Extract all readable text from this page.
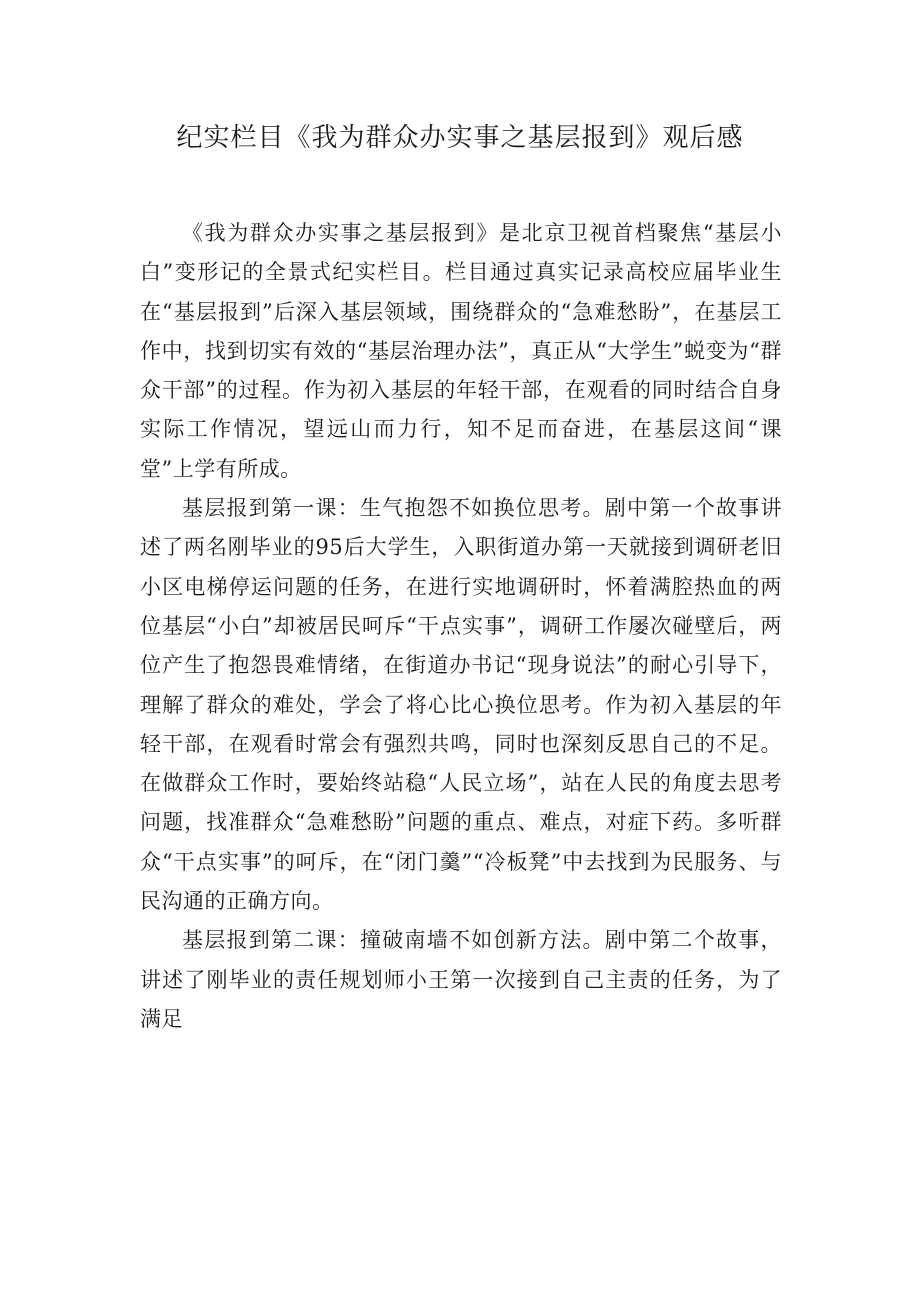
纪实栏目《我为群众办实事之基层报到》观后感

《我为群众办实事之基层报到》是北京卫视首档聚焦“基层小白”变形记的全景式纪实栏目。栏目通过真实记录高校应届毕业生在“基层报到”后深入基层领域，围绕群众的“急难愁盼”，在基层工作中，找到切实有效的“基层治理办法”，真正从“大学生”蜕变为“群众干部”的过程。作为初入基层的年轻干部，在观看的同时结合自身实际工作情况，望远山而力行，知不足而奋进，在基层这间“课堂”上学有所成。

基层报到第一课：生气抱怨不如换位思考。剧中第一个故事讲述了两名刚毕业的95后大学生，入职街道办第一天就接到调研老旧小区电梯停运问题的任务，在进行实地调研时，怀着满腔热血的两位基层“小白”却被居民呵斥“干点实事”，调研工作屡次碰壁后，两位产生了抱怨畏难情绪，在街道办书记“现身说法”的耐心引导下，理解了群众的难处，学会了将心比心换位思考。作为初入基层的年轻干部，在观看时常会有强烈共鸣，同时也深刻反思自己的不足。在做群众工作时，要始终站稳“人民立场”，站在人民的角度去思考问题，找准群众“急难愁盼”问题的重点、难点，对症下药。多听群众“干点实事”的呵斥，在“闭门羹”“冷板凳”中去找到为民服务、与民沟通的正确方向。

基层报到第二课：撞破南墙不如创新方法。剧中第二个故事，讲述了刚毕业的责任规划师小王第一次接到自己主责的任务，为了满足
